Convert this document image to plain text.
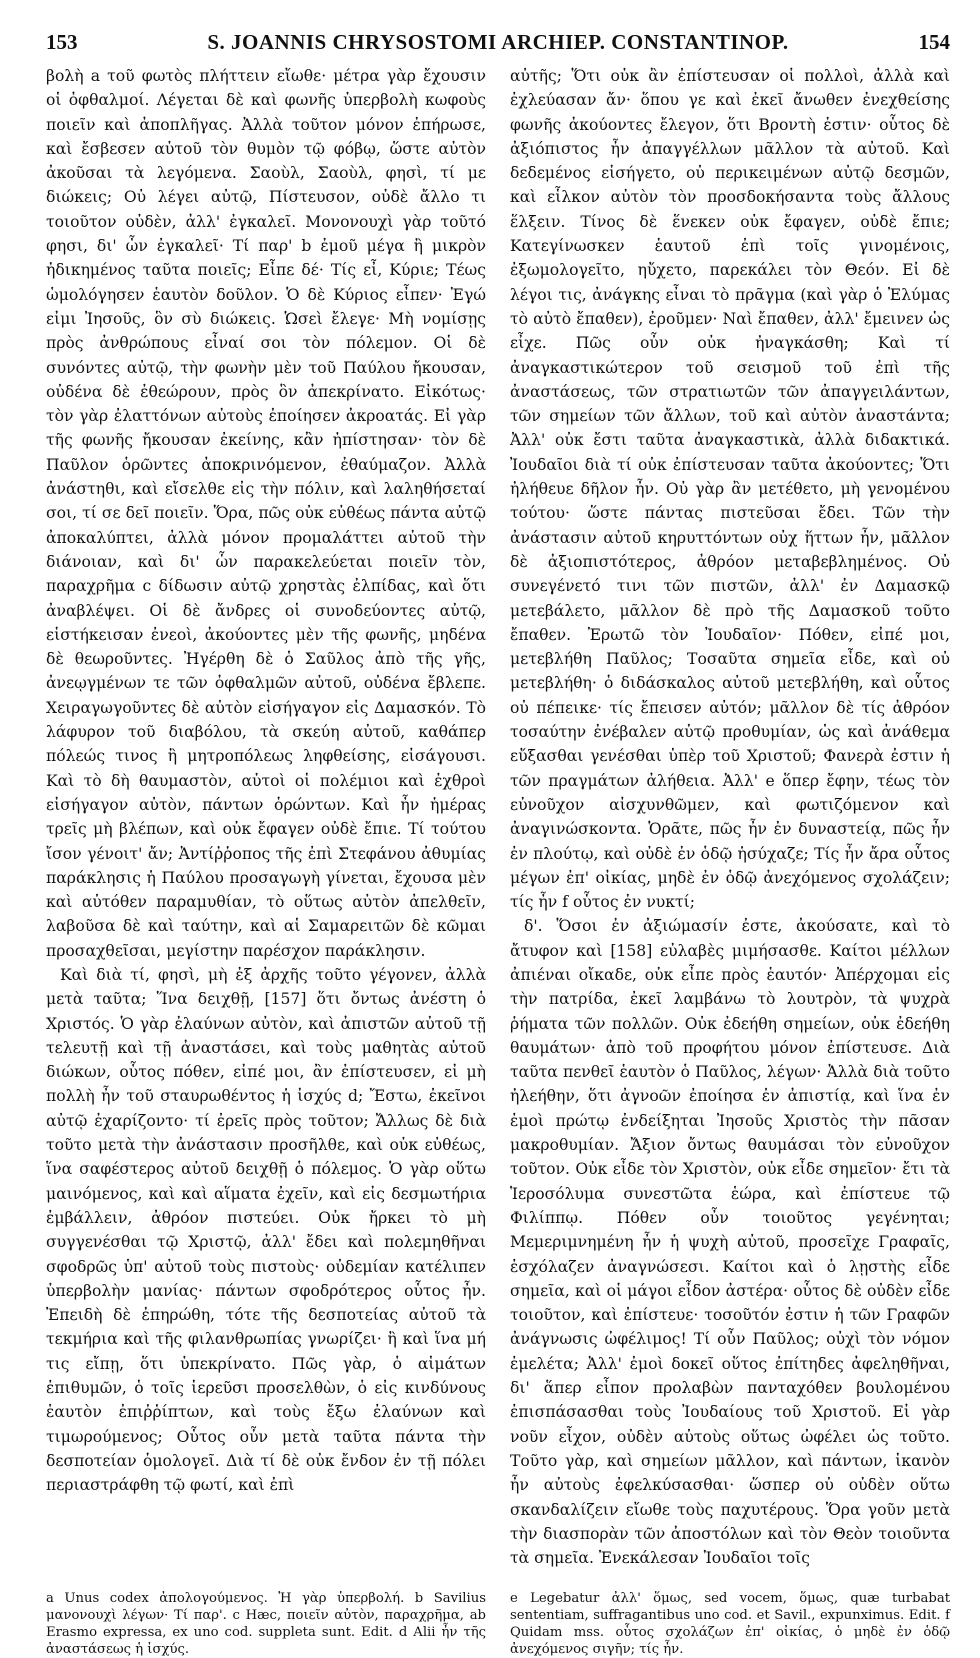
153	S. JOANNIS CHRYSOSTOMI ARCHIEP. CONSTANTINOP.	154

βολὴ a τοῦ φωτὸς πλήττειν εἴωθε· μέτρα γὰρ ἔχουσιν οἱ ὀφθαλμοί. Λέγεται δὲ καὶ φωνῆς ὑπερβολὴ κωφοὺς ποιεῖν καὶ ἀποπλῆγας. Ἀλλὰ τοῦτον μόνον ἐπήρωσε, καὶ ἔσβεσεν αὐτοῦ τὸν θυμὸν τῷ φόβῳ, ὥστε αὐτὸν ἀκοῦσαι τὰ λεγόμενα. Σαοὺλ, Σαοὺλ, φησὶ, τί με διώκεις; Οὐ λέγει αὐτῷ, Πίστευσον, οὐδὲ ἄλλο τι τοιοῦτον οὐδὲν, ἀλλ' ἐγκαλεῖ. Μονονουχὶ γὰρ τοῦτό φησι, δι' ὧν ἐγκαλεῖ· Τί παρ' b ἐμοῦ μέγα ἢ μικρὸν ἠδικημένος ταῦτα ποιεῖς; Εἶπε δέ· Τίς εἶ, Κύριε; Τέως ὡμολόγησεν ἑαυτὸν δοῦλον. Ὁ δὲ Κύριος εἶπεν· Ἐγώ εἰμι Ἰησοῦς, ὃν σὺ διώκεις. Ὡσεὶ ἔλεγε· Μὴ νομίσῃς πρὸς ἀνθρώπους εἶναί σοι τὸν πόλεμον. Οἱ δὲ συνόντες αὐτῷ, τὴν φωνὴν μὲν τοῦ Παύλου ἤκουσαν, οὐδένα δὲ ἐθεώρουν, πρὸς ὃν ἀπεκρίνατο. Εἰκότως· τὸν γὰρ ἐλαττόνων αὐτοὺς ἐποίησεν ἀκροατάς. Εἰ γὰρ τῆς φωνῆς ἤκουσαν ἐκείνης, κἂν ἠπίστησαν· τὸν δὲ Παῦλον ὁρῶντες ἀποκρινόμενον, ἐθαύμαζον. Ἀλλὰ ἀνάστηθι, καὶ εἴσελθε εἰς τὴν πόλιν, καὶ λαληθήσεταί σοι, τί σε δεῖ ποιεῖν. Ὅρα, πῶς οὐκ εὐθέως πάντα αὐτῷ ἀποκαλύπτει, ἀλλὰ μόνον προμαλάττει αὐτοῦ τὴν διάνοιαν, καὶ δι' ὧν παρακελεύεται ποιεῖν τὸν, παραχρῆμα c δίδωσιν αὐτῷ χρηστὰς ἐλπίδας, καὶ ὅτι ἀναβλέψει. Οἱ δὲ ἄνδρες οἱ συνοδεύοντες αὐτῷ, εἱστήκεισαν ἐνεοὶ, ἀκούοντες μὲν τῆς φωνῆς, μηδένα δὲ θεωροῦντες. Ἠγέρθη δὲ ὁ Σαῦλος ἀπὸ τῆς γῆς, ἀνεῳγμένων τε τῶν ὀφθαλμῶν αὐτοῦ, οὐδένα ἔβλεπε. Χειραγωγοῦντες δὲ αὐτὸν εἰσήγαγον εἰς Δαμασκόν. Τὸ λάφυρον τοῦ διαβόλου, τὰ σκεύη αὐτοῦ, καθάπερ πόλεώς τινος ἢ μητροπόλεως ληφθείσης, εἰσάγουσι. Καὶ τὸ δὴ θαυμαστὸν, αὐτοὶ οἱ πολέμιοι καὶ ἐχθροὶ εἰσήγαγον αὐτὸν, πάντων ὁρώντων. Καὶ ἦν ἡμέρας τρεῖς μὴ βλέπων, καὶ οὐκ ἔφαγεν οὐδὲ ἔπιε. Τί τούτου ἴσον γένοιτ' ἄν; Ἀντίῤῥοπος τῆς ἐπὶ Στεφάνου ἀθυμίας παράκλησις ἡ Παύλου προσαγωγὴ γίνεται, ἔχουσα μὲν καὶ αὐτόθεν παραμυθίαν, τὸ οὕτως αὐτὸν ἀπελθεῖν, λαβοῦσα δὲ καὶ ταύτην, καὶ αἱ Σαμαρειτῶν δὲ κῶμαι προσαχθεῖσαι, μεγίστην παρέσχον παράκλησιν.

Καὶ διὰ τί, φησὶ, μὴ ἐξ ἀρχῆς τοῦτο γέγονεν, ἀλλὰ μετὰ ταῦτα; Ἵνα δειχθῇ, [157] ὅτι ὄντως ἀνέστη ὁ Χριστός. Ὁ γὰρ ἐλαύνων αὐτὸν, καὶ ἀπιστῶν αὐτοῦ τῇ τελευτῇ καὶ τῇ ἀναστάσει, καὶ τοὺς μαθητὰς αὐτοῦ διώκων, οὗτος πόθεν, εἰπέ μοι, ἂν ἐπίστευσεν, εἰ μὴ πολλὴ ἦν τοῦ σταυρωθέντος ἡ ἰσχύς d; Ἔστω, ἐκεῖνοι αὐτῷ ἐχαρίζοντο· τί ἐρεῖς πρὸς τοῦτον; Ἄλλως δὲ διὰ τοῦτο μετὰ τὴν ἀνάστασιν προσῆλθε, καὶ οὐκ εὐθέως, ἵνα σαφέστερος αὐτοῦ δειχθῇ ὁ πόλεμος. Ὁ γὰρ οὕτω μαινόμενος, καὶ καὶ αἵματα ἐχεῖν, καὶ εἰς δεσμωτήρια ἐμβάλλειν, ἀθρόον πιστεύει. Οὐκ ἤρκει τὸ μὴ συγγενέσθαι τῷ Χριστῷ, ἀλλ' ἔδει καὶ πολεμηθῆναι σφοδρῶς ὑπ' αὐτοῦ τοὺς πιστοὺς· οὐδεμίαν κατέλιπεν ὑπερβολὴν μανίας· πάντων σφοδρότερος οὗτος ἦν. Ἐπειδὴ δὲ ἐπηρώθη, τότε τῆς δεσποτείας αὐτοῦ τὰ τεκμήρια καὶ τῆς φιλανθρωπίας γνωρίζει· ἢ καὶ ἵνα μή τις εἴπῃ, ὅτι ὑπεκρίνατο. Πῶς γὰρ, ὁ αἱμάτων ἐπιθυμῶν, ὁ τοῖς ἱερεῦσι προσελθὼν, ὁ εἰς κινδύνους ἑαυτὸν ἐπιῤῥίπτων, καὶ τοὺς ἔξω ἐλαύνων καὶ τιμωρούμενος; Οὗτος οὖν μετὰ ταῦτα πάντα τὴν δεσποτείαν ὁμολογεῖ. Διὰ τί δὲ οὐκ ἔνδον ἐν τῇ πόλει περιαστράφθη τῷ φωτί, καὶ ἐπὶ

αὐτῆς; Ὅτι οὐκ ἂν ἐπίστευσαν οἱ πολλοὶ, ἀλλὰ καὶ ἐχλεύασαν ἄν· ὅπου γε καὶ ἐκεῖ ἄνωθεν ἐνεχθείσης φωνῆς ἀκούοντες ἔλεγον, ὅτι Βροντὴ ἐστιν· οὗτος δὲ ἀξιόπιστος ἦν ἀπαγγέλλων μᾶλλον τὰ αὐτοῦ. Καὶ δεδεμένος εἰσήγετο, οὐ περικειμένων αὐτῷ δεσμῶν, καὶ εἷλκον αὐτὸν τὸν προσδοκήσαντα τοὺς ἄλλους ἕλξειν. Τίνος δὲ ἕνεκεν οὐκ ἔφαγεν, οὐδὲ ἔπιε; Κατεγίνωσκεν ἑαυτοῦ ἐπὶ τοῖς γινομένοις, ἐξωμολογεῖτο, ηὔχετο, παρεκάλει τὸν Θεόν. Εἰ δὲ λέγοι τις, ἀνάγκης εἶναι τὸ πρᾶγμα (καὶ γὰρ ὁ Ἐλύμας τὸ αὐτὸ ἔπαθεν), ἐροῦμεν· Ναὶ ἔπαθεν, ἀλλ' ἔμεινεν ὡς εἶχε. Πῶς οὖν οὐκ ἠναγκάσθη; Καὶ τί ἀναγκαστικώτερον τοῦ σεισμοῦ τοῦ ἐπὶ τῆς ἀναστάσεως, τῶν στρατιωτῶν τῶν ἀπαγγειλάντων, τῶν σημείων τῶν ἄλλων, τοῦ καὶ αὐτὸν ἀναστάντα; Ἀλλ' οὐκ ἔστι ταῦτα ἀναγκαστικὰ, ἀλλὰ διδακτικά. Ἰουδαῖοι διὰ τί οὐκ ἐπίστευσαν ταῦτα ἀκούοντες; Ὅτι ἠλήθευε δῆλον ἦν. Οὐ γὰρ ἂν μετέθετο, μὴ γενομένου τούτου· ὥστε πάντας πιστεῦσαι ἔδει. Τῶν τὴν ἀνάστασιν αὐτοῦ κηρυττόντων οὐχ ἥττων ἦν, μᾶλλον δὲ ἀξιοπιστότερος, ἀθρόον μεταβεβλημένος. Οὐ συνεγένετό τινι τῶν πιστῶν, ἀλλ' ἐν Δαμασκῷ μετεβάλετο, μᾶλλον δὲ πρὸ τῆς Δαμασκοῦ τοῦτο ἔπαθεν. Ἐρωτῶ τὸν Ἰουδαῖον· Πόθεν, εἰπέ μοι, μετεβλήθη Παῦλος; Τοσαῦτα σημεῖα εἶδε, καὶ οὐ μετεβλήθη· ὁ διδάσκαλος αὐτοῦ μετεβλήθη, καὶ οὗτος οὐ πέπεικε· τίς ἔπεισεν αὐτόν; μᾶλλον δὲ τίς ἀθρόον τοσαύτην ἐνέβαλεν αὐτῷ προθυμίαν, ὡς καὶ ἀνάθεμα εὔξασθαι γενέσθαι ὑπὲρ τοῦ Χριστοῦ; Φανερὰ ἐστιν ἡ τῶν πραγμάτων ἀλήθεια. Ἀλλ' e ὅπερ ἔφην, τέως τὸν εὐνοῦχον αἰσχυνθῶμεν, καὶ φωτιζόμενον καὶ ἀναγινώσκοντα. Ὁρᾶτε, πῶς ἦν ἐν δυναστείᾳ, πῶς ἦν ἐν πλούτῳ, καὶ οὐδὲ ἐν ὁδῷ ἡσύχαζε; Τίς ἦν ἄρα οὗτος μέγων ἐπ' οἰκίας, μηδὲ ἐν ὁδῷ ἀνεχόμενος σχολάζειν; τίς ἦν f οὗτος ἐν νυκτί;

δ'. Ὅσοι ἐν ἀξιώμασίν ἐστε, ἀκούσατε, καὶ τὸ ἄτυφον καὶ [158] εὐλαβὲς μιμήσασθε. Καίτοι μέλλων ἀπιέναι οἴκαδε, οὐκ εἶπε πρὸς ἑαυτόν· Ἀπέρχομαι εἰς τὴν πατρίδα, ἐκεῖ λαμβάνω τὸ λουτρὸν, τὰ ψυχρὰ ῥήματα τῶν πολλῶν. Οὐκ ἐδεήθη σημείων, οὐκ ἐδεήθη θαυμάτων· ἀπὸ τοῦ προφήτου μόνον ἐπίστευσε. Διὰ ταῦτα πενθεῖ ἑαυτὸν ὁ Παῦλος, λέγων· Ἀλλὰ διὰ τοῦτο ἠλεήθην, ὅτι ἀγνοῶν ἐποίησα ἐν ἀπιστίᾳ, καὶ ἵνα ἐν ἐμοὶ πρώτῳ ἐνδείξηται Ἰησοῦς Χριστὸς τὴν πᾶσαν μακροθυμίαν. Ἄξιον ὄντως θαυμάσαι τὸν εὐνοῦχον τοῦτον. Οὐκ εἶδε τὸν Χριστὸν, οὐκ εἶδε σημεῖον· ἔτι τὰ Ἱεροσόλυμα συνεστῶτα ἑώρα, καὶ ἐπίστευε τῷ Φιλίππῳ. Πόθεν οὖν τοιοῦτος γεγένηται; Μεμεριμνημένη ἦν ἡ ψυχὴ αὐτοῦ, προσεῖχε Γραφαῖς, ἐσχόλαζεν ἀναγνώσεσι. Καίτοι καὶ ὁ λῃστὴς εἶδε σημεῖα, καὶ οἱ μάγοι εἶδον ἀστέρα· οὗτος δὲ οὐδὲν εἶδε τοιοῦτον, καὶ ἐπίστευε· τοσοῦτόν ἐστιν ἡ τῶν Γραφῶν ἀνάγνωσις ὠφέλιμος! Τί οὖν Παῦλος; οὐχὶ τὸν νόμον ἐμελέτα; Ἀλλ' ἐμοὶ δοκεῖ οὕτος ἐπίτηδες ἀφεληθῆναι, δι' ἅπερ εἶπον προλαβὼν πανταχόθεν βουλομένου ἐπισπάσασθαι τοὺς Ἰουδαίους τοῦ Χριστοῦ. Εἰ γὰρ νοῦν εἶχον, οὐδὲν αὐτοὺς οὕτως ὠφέλει ὡς τοῦτο. Τοῦτο γὰρ, καὶ σημείων μᾶλλον, καὶ πάντων, ἱκανὸν ἦν αὐτοὺς ἐφελκύσασθαι· ὥσπερ οὐ οὐδὲν οὕτω σκανδαλίζειν εἴωθε τοὺς παχυτέρους. Ὅρα γοῦν μετὰ τὴν διασπορὰν τῶν ἀποστόλων καὶ τὸν Θεὸν τοιοῦντα τὰ σημεῖα. Ἐνεκάλεσαν Ἰουδαῖοι τοῖς

a Unus codex ἀπολογούμενος. Ἡ γὰρ ὑπερβολή. b Savilius μανονουχὶ λέγων· Τί παρ'. c Hæc, ποιεῖν αὐτὸν, παραχρῆμα, ab Erasmo expressa, ex uno cod. suppleta sunt. Edit. d Alii ἦν τῆς ἀναστάσεως ἡ ἰσχύς.

e Legebatur ἀλλ' ὅμως, sed vocem, ὅμως, quæ turbabat sententiam, suffragantibus uno cod. et Savil., expunximus. Edit. f Quidam mss. οὗτος σχολάζων ἐπ' οἰκίας, ὁ μηδὲ ἐν ὁδῷ ἀνεχόμενος σιγῆν; τίς ἦν.
